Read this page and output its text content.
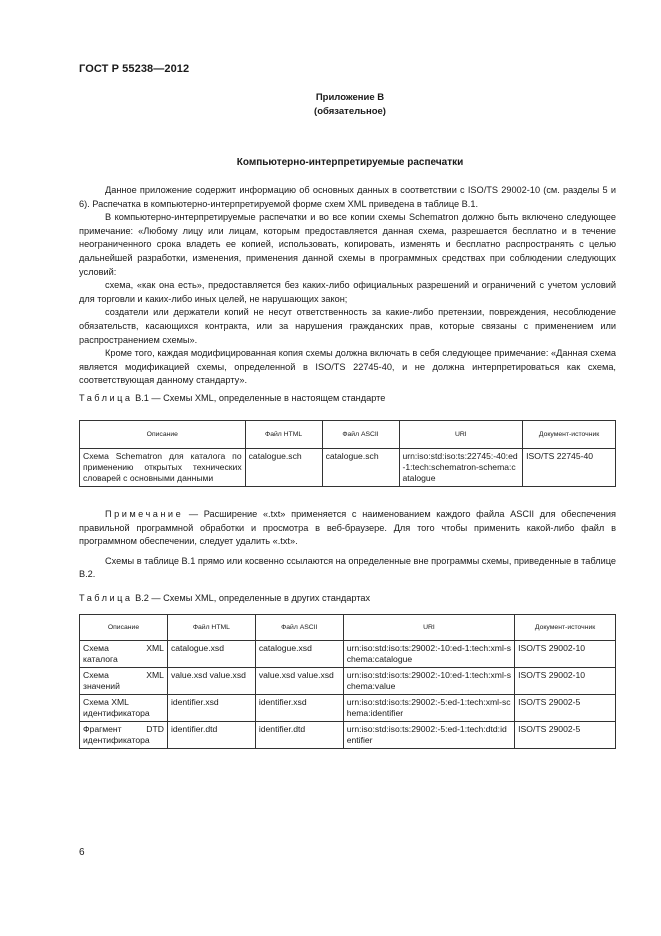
ГОСТ Р 55238—2012
Приложение В
(обязательное)
Компьютерно-интерпретируемые распечатки

Данное приложение содержит информацию об основных данных в соответствии с ISO/TS 29002-10 (см. разделы 5 и 6). Распечатка в компьютерно-интерпретируемой форме схем XML приведена в таблице В.1.

В компьютерно-интерпретируемые распечатки и во все копии схемы Schematron должно быть включено следующее примечание: «Любому лицу или лицам, которым предоставляется данная схема, разрешается бесплатно и в течение неограниченного срока владеть ее копией, использовать, копировать, изменять и бесплатно распространять с целью дальнейшей разработки, изменения, применения данной схемы в программных средствах при соблюдении следующих условий:

схема, «как она есть», предоставляется без каких-либо официальных разрешений и ограничений с учетом условий для торговли и каких-либо иных целей, не нарушающих закон;

создатели или держатели копий не несут ответственность за какие-либо претензии, повреждения, несоблюдение обязательств, касающихся контракта, или за нарушения гражданских прав, которые связаны с применением или распространением схемы».

Кроме того, каждая модифицированная копия схемы должна включать в себя следующее примечание: «Данная схема является модификацией схемы, определенной в ISO/TS 22745-40, и не должна интерпретироваться как схема, соответствующая данному стандарту».

Таблица В.1 — Схемы XML, определенные в настоящем стандарте
Описание	Файл HTML	Файл ASCII	URI	Документ-источник
Схема Schematron для каталога по применению открытых технических словарей с основными данными	catalogue.sch	catalogue.sch	urn:iso:std:iso:ts:22745:-40:ed-1:tech:schematron-schema:catalogue	ISO/TS 22745-40

Примечание — Расширение «.txt» применяется с наименованием каждого файла ASCII для обеспечения правильной программной обработки и просмотра в веб-браузере. Для того чтобы применить какой-либо файл в программном обеспечении, следует удалить «.txt».

Схемы в таблице В.1 прямо или косвенно ссылаются на определенные вне программы схемы, приведенные в таблице В.2.

Таблица В.2 — Схемы XML, определенные в других стандартах
Описание	Файл HTML	Файл ASCII	URI	Документ-источник
Схема XML каталога	catalogue.xsd	catalogue.xsd	urn:iso:std:iso:ts:29002:-10:ed-1:tech:xml-schema:catalogue	ISO/TS 29002-10
Схема XML значений	value.xsd value.xsd	value.xsd value.xsd	urn:iso:std:iso:ts:29002:-10:ed-1:tech:xml-schema:value	ISO/TS 29002-10
Схема XML идентификатора	identifier.xsd	identifier.xsd	urn:iso:std:iso:ts:29002:-5:ed-1:tech:xml-schema:identifier	ISO/TS 29002-5
Фрагмент DTD идентификатора	identifier.dtd	identifier.dtd	urn:iso:std:iso:ts:29002:-5:ed-1:tech:dtd:identifier	ISO/TS 29002-5
6
